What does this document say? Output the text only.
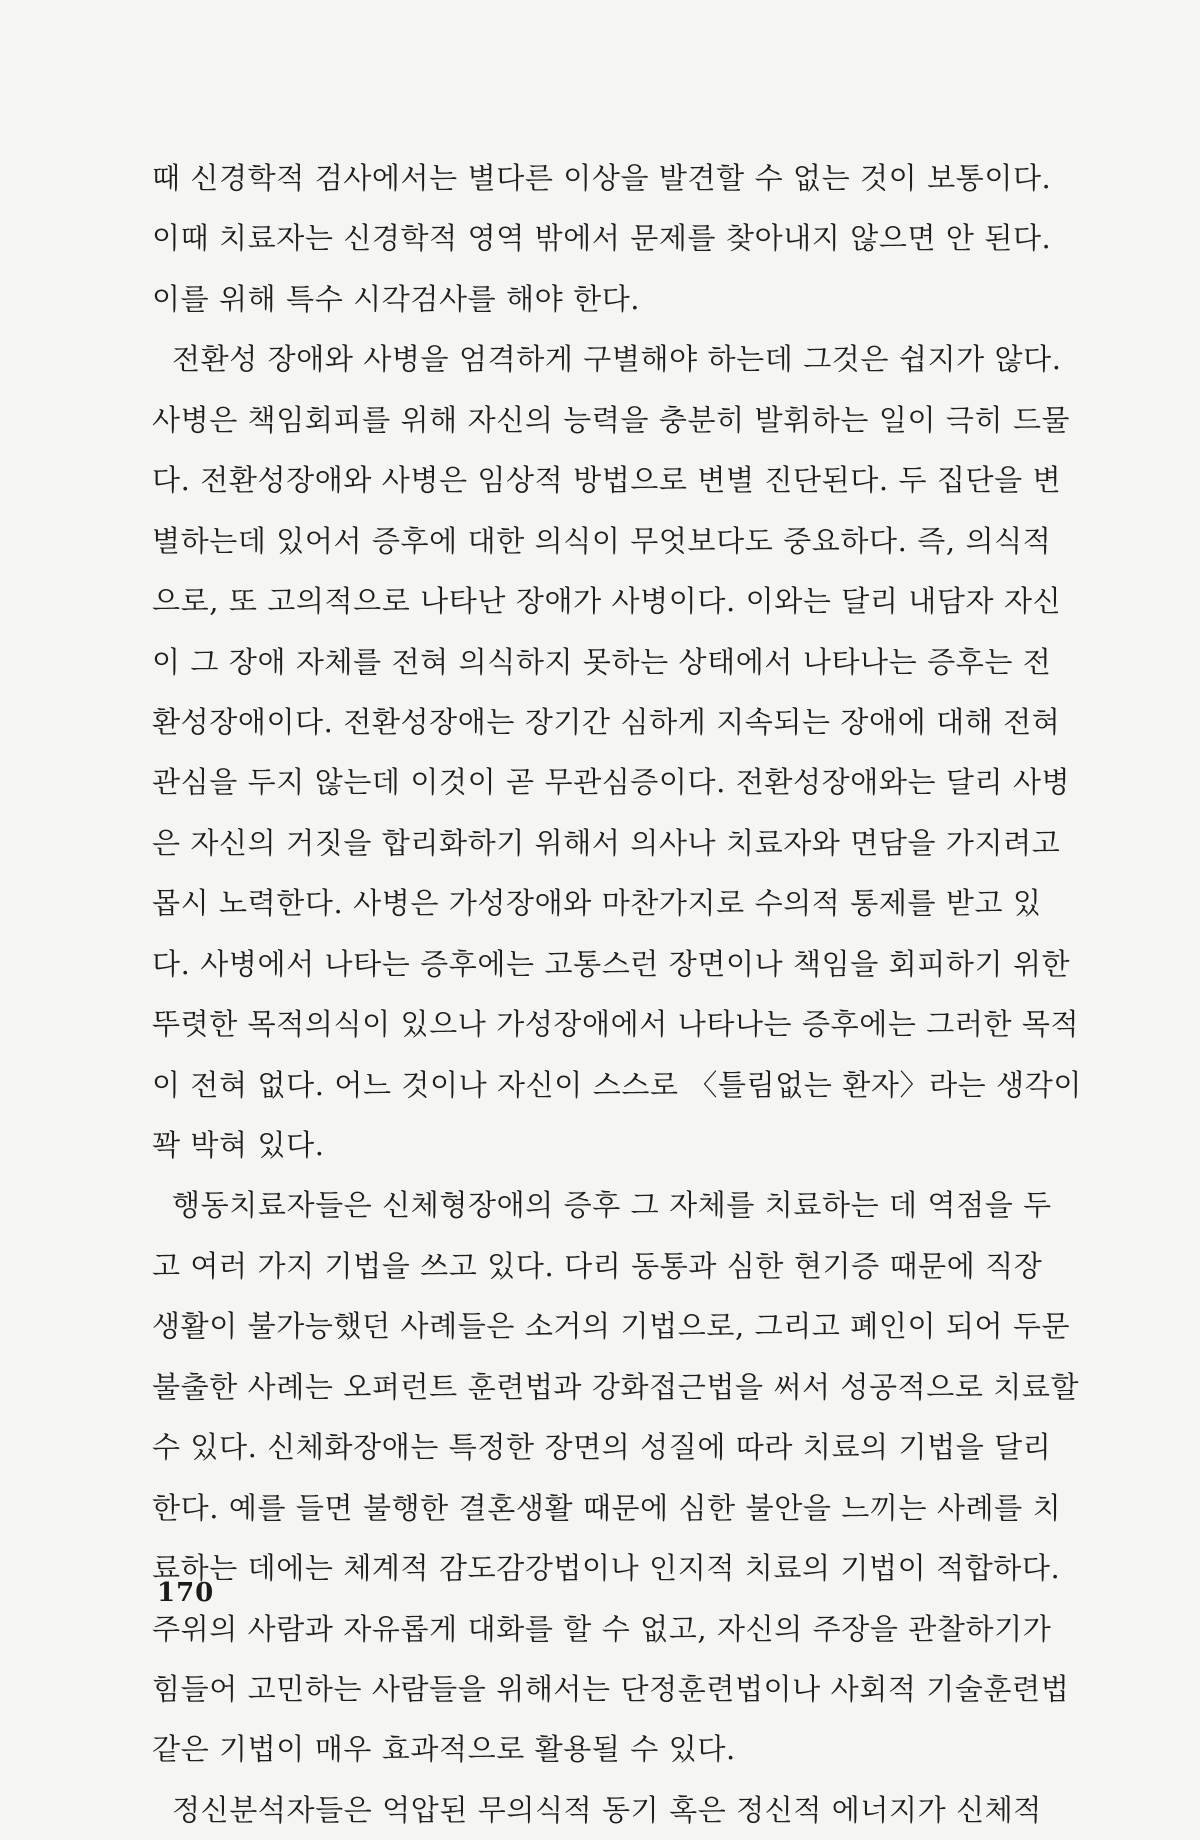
때 신경학적 검사에서는 별다른 이상을 발견할 수 없는 것이 보통이다.
이때 치료자는 신경학적 영역 밖에서 문제를 찾아내지 않으면 안 된다.
이를 위해 특수 시각검사를 해야 한다.
전환성 장애와 사병을 엄격하게 구별해야 하는데 그것은 쉽지가 않다.
사병은 책임회피를 위해 자신의 능력을 충분히 발휘하는 일이 극히 드물
다. 전환성장애와 사병은 임상적 방법으로 변별 진단된다. 두 집단을 변
별하는데 있어서 증후에 대한 의식이 무엇보다도 중요하다. 즉, 의식적
으로, 또 고의적으로 나타난 장애가 사병이다. 이와는 달리 내담자 자신
이 그 장애 자체를 전혀 의식하지 못하는 상태에서 나타나는 증후는 전
환성장애이다. 전환성장애는 장기간 심하게 지속되는 장애에 대해 전혀
관심을 두지 않는데 이것이 곧 무관심증이다. 전환성장애와는 달리 사병
은 자신의 거짓을 합리화하기 위해서 의사나 치료자와 면담을 가지려고
몹시 노력한다. 사병은 가성장애와 마찬가지로 수의적 통제를 받고 있
다. 사병에서 나타는 증후에는 고통스런 장면이나 책임을 회피하기 위한
뚜렷한 목적의식이 있으나 가성장애에서 나타나는 증후에는 그러한 목적
이 전혀 없다. 어느 것이나 자신이 스스로 〈틀림없는 환자〉라는 생각이
꽉 박혀 있다.
행동치료자들은 신체형장애의 증후 그 자체를 치료하는 데 역점을 두
고 여러 가지 기법을 쓰고 있다. 다리 동통과 심한 현기증 때문에 직장
생활이 불가능했던 사례들은 소거의 기법으로, 그리고 폐인이 되어 두문
불출한 사례는 오퍼런트 훈련법과 강화접근법을 써서 성공적으로 치료할
수 있다. 신체화장애는 특정한 장면의 성질에 따라 치료의 기법을 달리
한다. 예를 들면 불행한 결혼생활 때문에 심한 불안을 느끼는 사례를 치
료하는 데에는 체계적 감도감강법이나 인지적 치료의 기법이 적합하다.
주위의 사람과 자유롭게 대화를 할 수 없고, 자신의 주장을 관찰하기가
힘들어 고민하는 사람들을 위해서는 단정훈련법이나 사회적 기술훈련법
같은 기법이 매우 효과적으로 활용될 수 있다.
정신분석자들은 억압된 무의식적 동기 혹은 정신적 에너지가 신체적
170
